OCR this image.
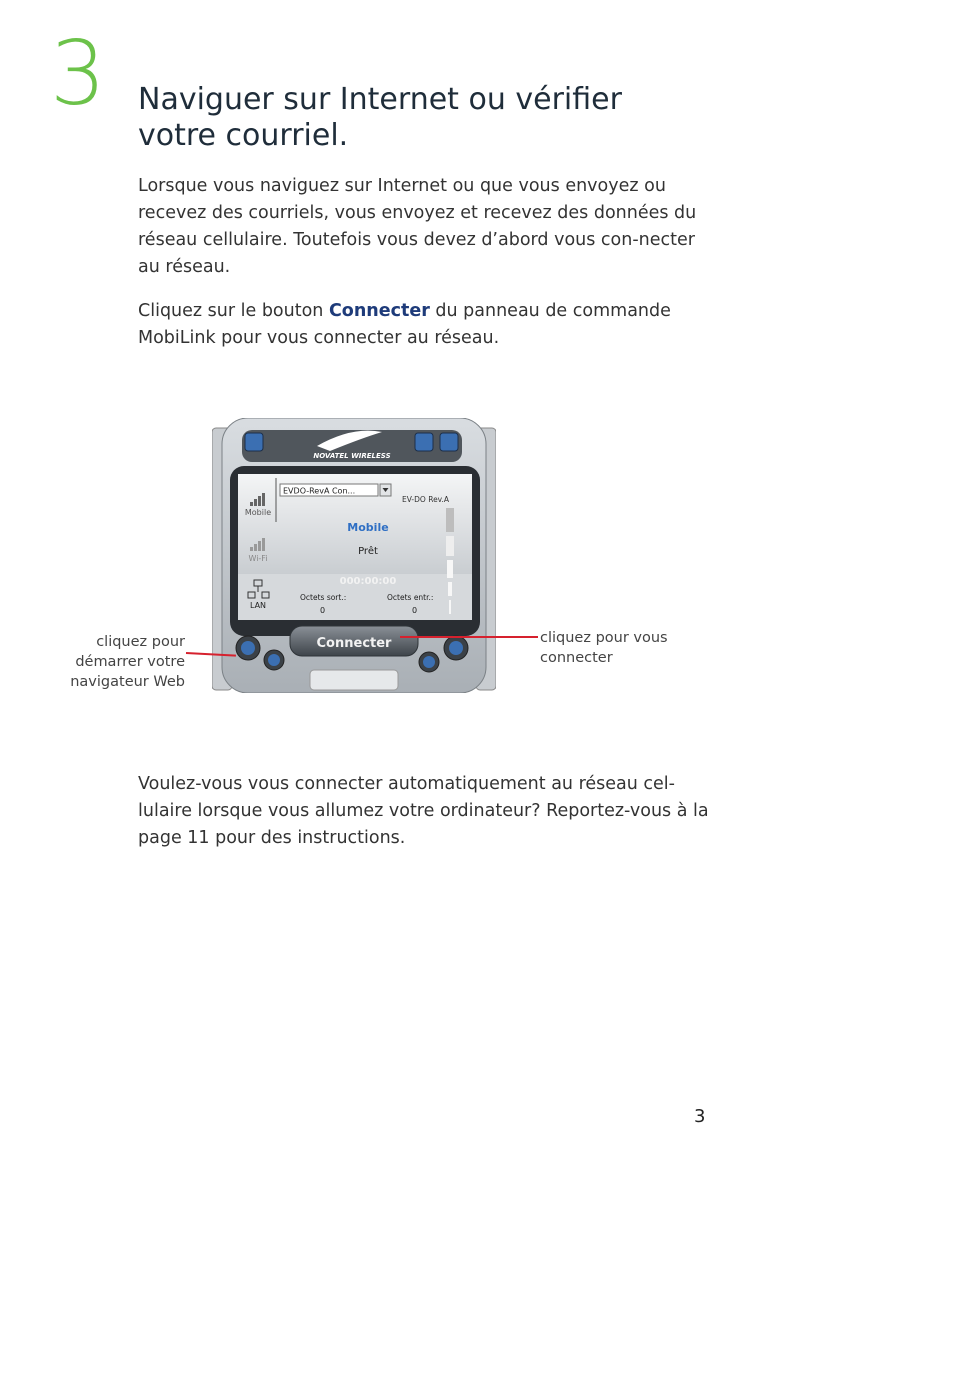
3 Naviguer sur Internet ou vérifier
votre courriel.

Lorsque vous naviguez sur Internet ou que vous envoyez ou recevez des courriels, vous envoyez et recevez des données du réseau cellulaire. Toutefois vous devez d’abord vous con-necter au réseau.

Cliquez sur le bouton Connecter du panneau de commande MobiLink pour vous connecter au réseau.

NOVATEL WIRELESS
Mobile
Wi-Fi
LAN
EVDO-RevA Con...
EV-DO Rev.A
Mobile
Prêt
000:00:00
Octets sort.:
0
Octets entr.:
0
Connecter
cliquez pour démarrer votre navigateur Web
cliquez pour vous connecter

Voulez-vous vous connecter automatiquement au réseau cel-lulaire lorsque vous allumez votre ordinateur? Reportez-vous à la page 11 pour des instructions.

3
